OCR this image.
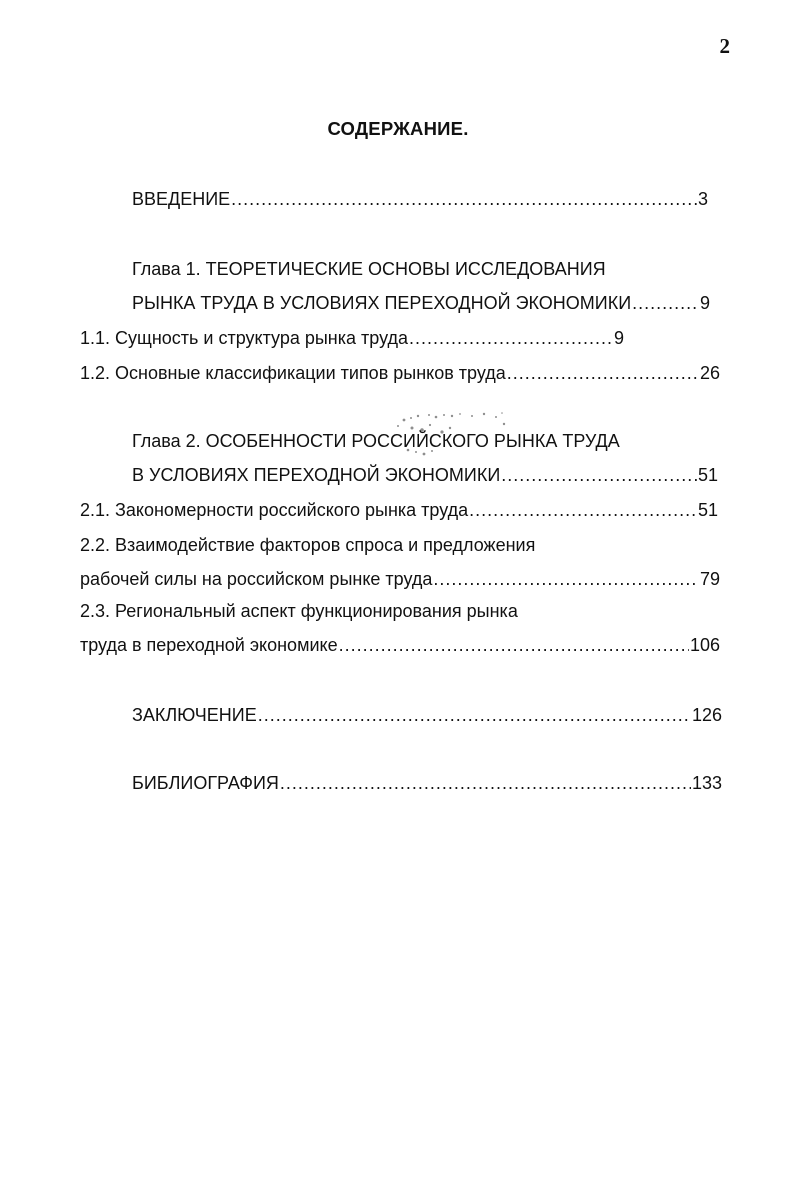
2
СОДЕРЖАНИЕ.
ВВЕДЕНИЕ .....	3
Глава 1. ТЕОРЕТИЧЕСКИЕ ОСНОВЫ ИССЛЕДОВАНИЯ
РЫНКА ТРУДА В УСЛОВИЯХ ПЕРЕХОДНОЙ ЭКОНОМИКИ .....	9
1.1. Сущность и структура рынка труда .....	9
1.2. Основные классификации типов рынков труда .....	26
Глава 2. ОСОБЕННОСТИ РОССИЙСКОГО РЫНКА ТРУДА
В УСЛОВИЯХ ПЕРЕХОДНОЙ ЭКОНОМИКИ .....	51
2.1. Закономерности российского рынка труда .....	51
2.2. Взаимодействие факторов спроса и предложения
рабочей силы на российском рынке труда .....	79
2.3. Региональный аспект функционирования рынка
труда в переходной экономике .....	106
ЗАКЛЮЧЕНИЕ .....	126
БИБЛИОГРАФИЯ .....	133
